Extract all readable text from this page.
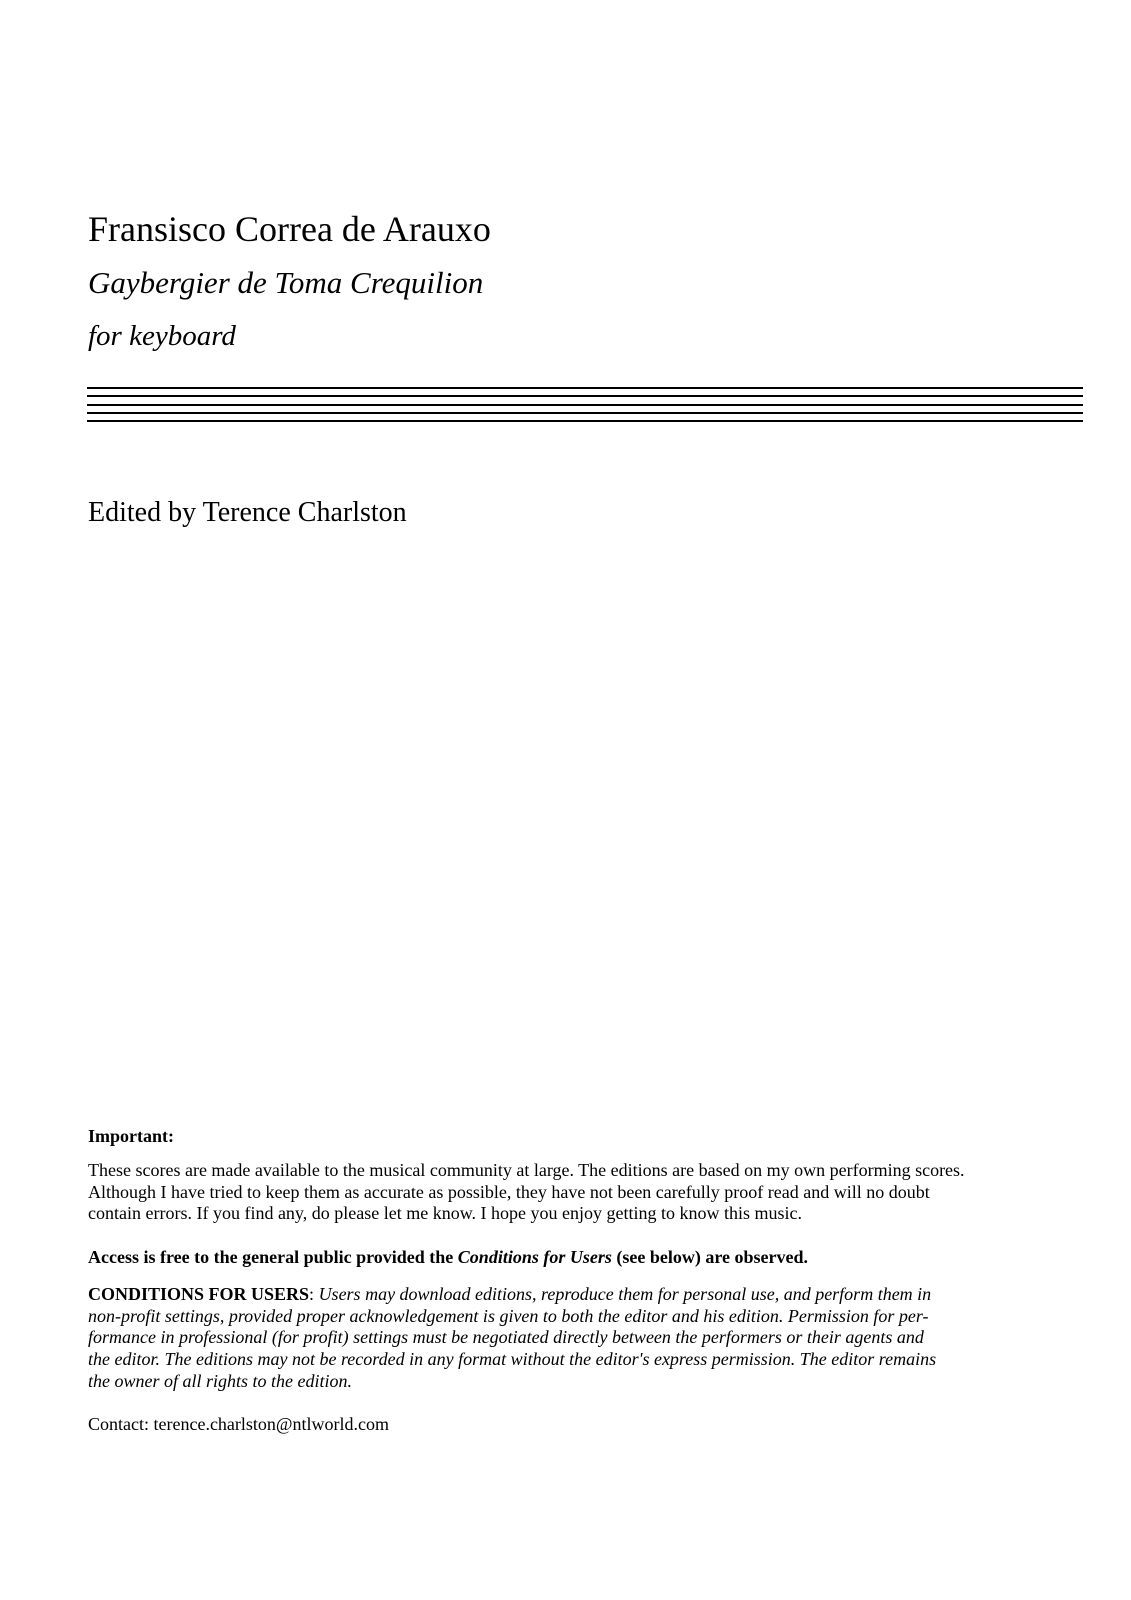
Fransisco Correa de Arauxo
Gaybergier de Toma Crequilion
for keyboard
Edited by Terence Charlston
Important:

These scores are made available to the musical community at large. The editions are based on my own performing scores.
Although I have tried to keep them as accurate as possible, they have not been carefully proof read and will no doubt
contain errors. If you find any, do please let me know. I hope you enjoy getting to know this music.

Access is free to the general public provided the Conditions for Users (see below) are observed.

CONDITIONS FOR USERS: Users may download editions, reproduce them for personal use, and perform them in
non-profit settings, provided proper acknowledgement is given to both the editor and his edition. Permission for per-
formance in professional (for profit) settings must be negotiated directly between the performers or their agents and
the editor. The editions may not be recorded in any format without the editor's express permission. The editor remains
the owner of all rights to the edition.

Contact: terence.charlston@ntlworld.com
